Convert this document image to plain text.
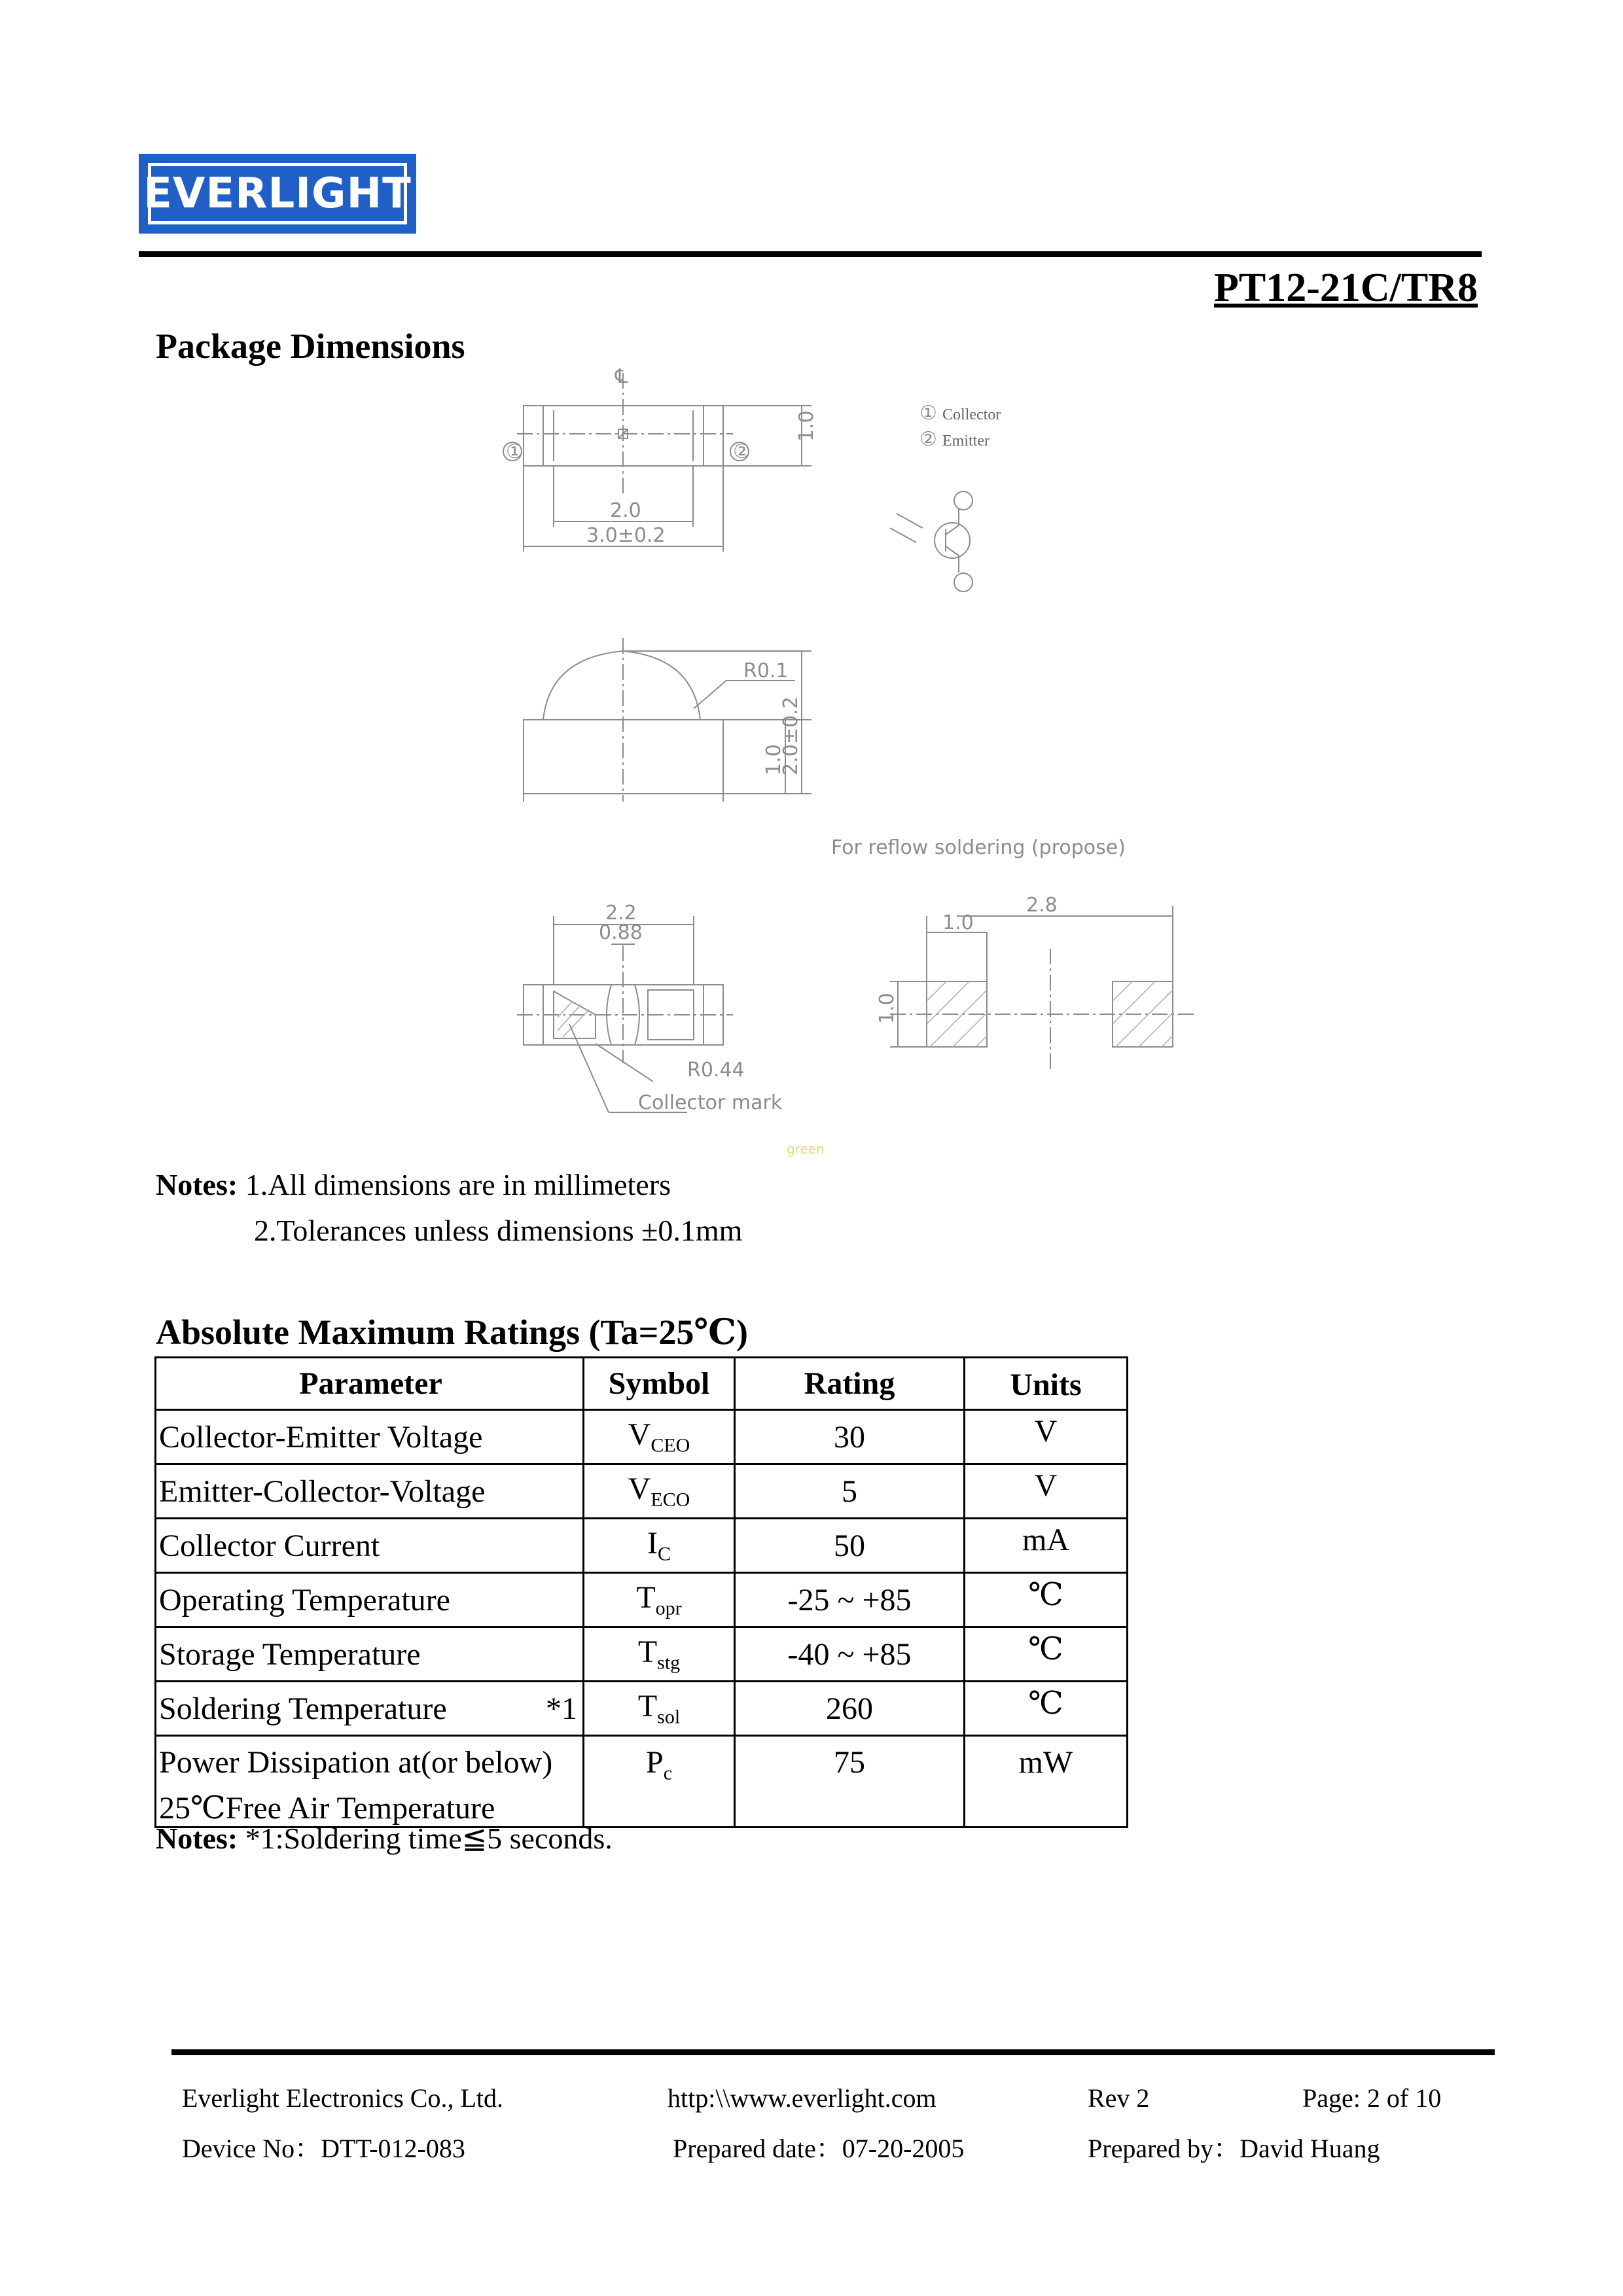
EVERLIGHT
PT12-21C/TR8
Package Dimensions
℄
①	②
1.0
2.0
3.0±0.2
① Collector
② Emitter
R0.1
1.0
2.0±0.2
For reflow soldering (propose)
2.2
0.88
R0.44
Collector mark
2.8
1.0
1.0
green
Notes: 1.All dimensions are in millimeters
2.Tolerances unless dimensions ±0.1mm
Absolute Maximum Ratings (Ta=25℃)
Parameter	Symbol	Rating	Units
Collector-Emitter Voltage	$V_{CEO}$	30	V
Emitter-Collector-Voltage	$V_{ECO}$	5	V
Collector Current	$I_C$	50	mA
Operating Temperature	$T_{opr}$	-25 ~ +85	℃
Storage Temperature	$T_{stg}$	-40 ~ +85	℃

Soldering Temperature *1	$T_{sol}$	260	℃

Power Dissipation at(or below)
25℃Free Air Temperature	$P_c$	75	mW
Notes: *1:Soldering time≦5 seconds.
Everlight Electronics Co., Ltd.	http:\\www.everlight.com	Rev 2	Page: 2 of 10
Device No：DTT-012-083	Prepared date：07-20-2005	Prepared by：David Huang
